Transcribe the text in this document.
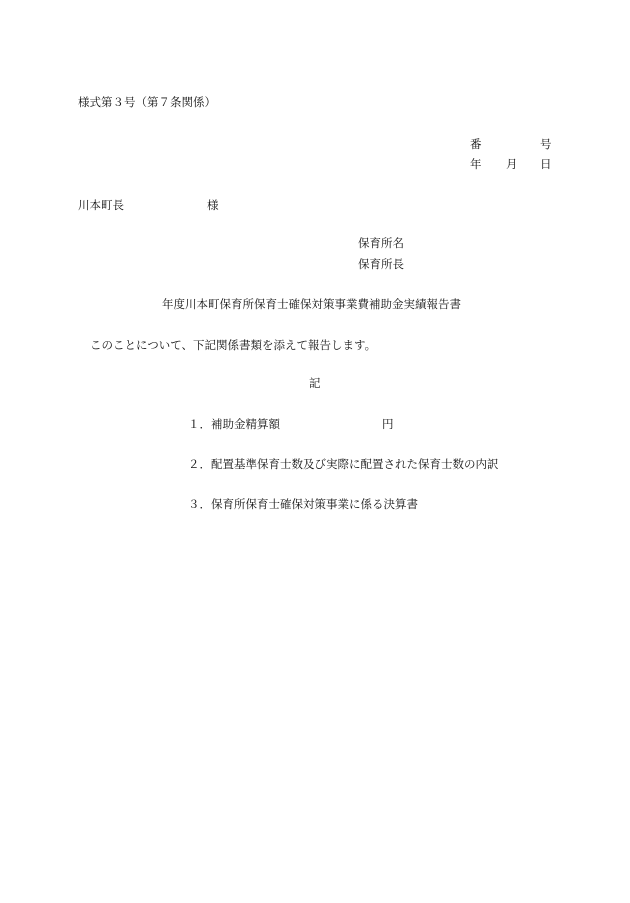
様式第３号（第７条関係）
番	号
年 月 日
川本町長	様
保育所名
保育所長
年度川本町保育所保育士確保対策事業費補助金実績報告書
このことについて、下記関係書類を添えて報告します。
記
１．補助金精算額	円
２．配置基準保育士数及び実際に配置された保育士数の内訳
３．保育所保育士確保対策事業に係る決算書
